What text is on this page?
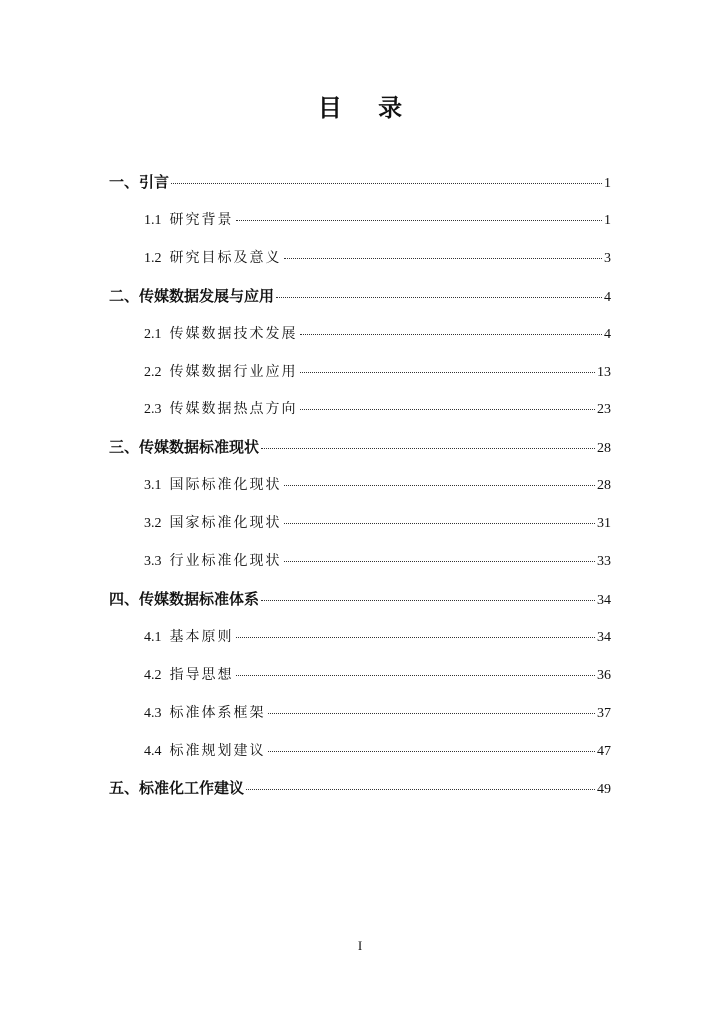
目 录
一、引言	1
1.1 研究背景	1
1.2 研究目标及意义	3
二、传媒数据发展与应用	4
2.1 传媒数据技术发展	4
2.2 传媒数据行业应用	13
2.3 传媒数据热点方向	23
三、传媒数据标准现状	28
3.1 国际标准化现状	28
3.2 国家标准化现状	31
3.3 行业标准化现状	33
四、传媒数据标准体系	34
4.1 基本原则	34
4.2 指导思想	36
4.3 标准体系框架	37
4.4 标准规划建议	47
五、标准化工作建议	49
I
